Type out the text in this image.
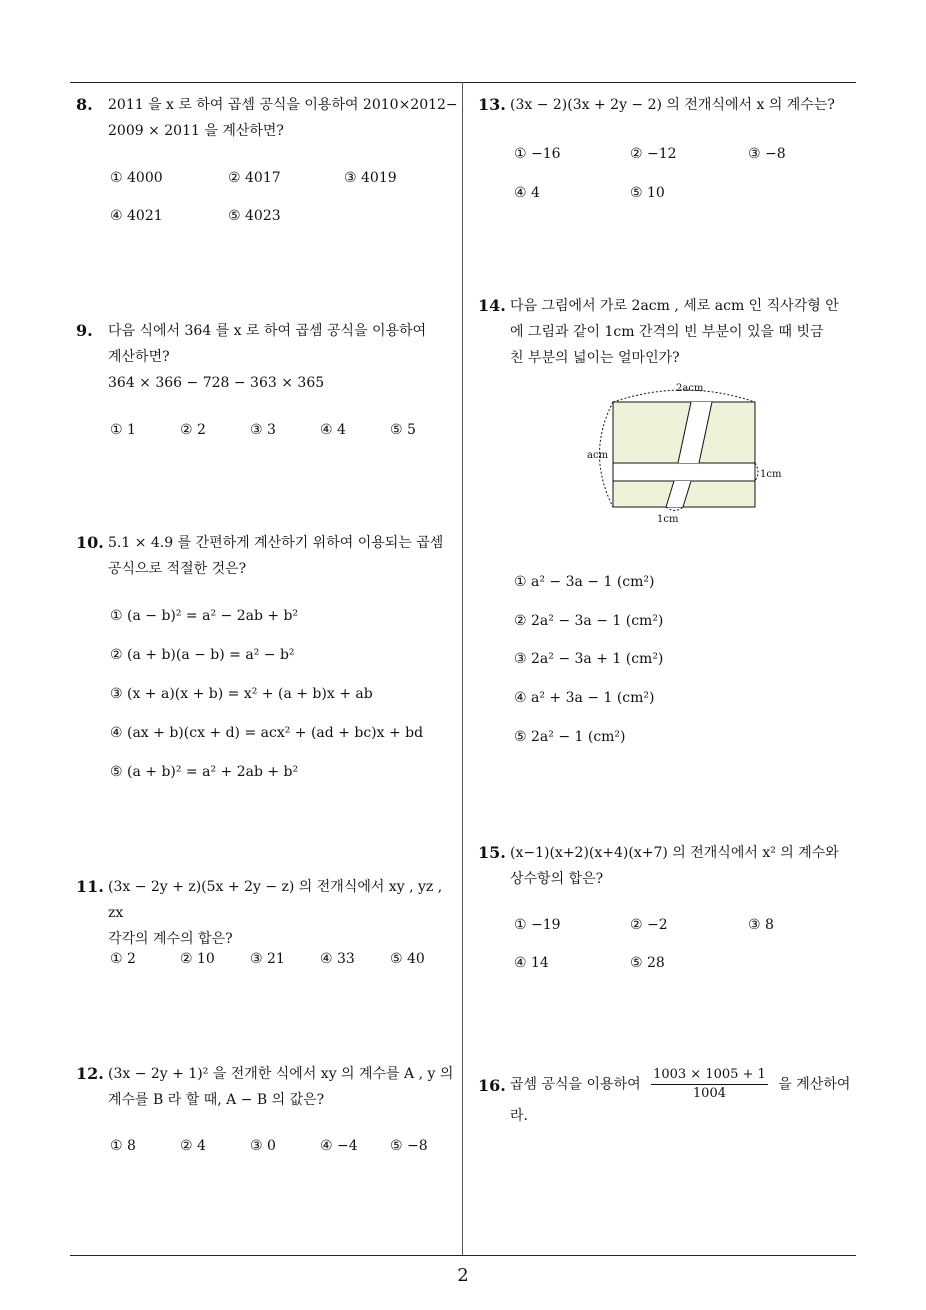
8. 2011 을 x 로 하여 곱셈 공식을 이용하여 2010×2012−
2009 × 2011 을 계산하면?
① 4000	② 4017	③ 4019
④ 4021	⑤ 4023
9. 다음 식에서 364 를 x 로 하여 곱셈 공식을 이용하여
계산하면?
364 × 366 − 728 − 363 × 365
① 1	② 2	③ 3	④ 4	⑤ 5
10. 5.1 × 4.9 를 간편하게 계산하기 위하여 이용되는 곱셈
공식으로 적절한 것은?
① (a − b)² = a² − 2ab + b²
② (a + b)(a − b) = a² − b²
③ (x + a)(x + b) = x² + (a + b)x + ab
④ (ax + b)(cx + d) = acx² + (ad + bc)x + bd
⑤ (a + b)² = a² + 2ab + b²
11. (3x − 2y + z)(5x + 2y − z) 의 전개식에서 xy , yz , zx
각각의 계수의 합은?
① 2	② 10	③ 21	④ 33	⑤ 40
12. (3x − 2y + 1)² 을 전개한 식에서 xy 의 계수를 A , y 의
계수를 B 라 할 때, A − B 의 값은?
① 8	② 4	③ 0	④ −4 ⑤ −8
13. (3x − 2)(3x + 2y − 2) 의 전개식에서 x 의 계수는?
① −16	② −12	③ −8
④ 4	⑤ 10
14. 다음 그림에서 가로 2acm , 세로 acm 인 직사각형 안
에 그림과 같이 1cm 간격의 빈 부분이 있을 때 빗금
친 부분의 넓이는 얼마인가?
2acm
acm
1cm
1cm
① a² − 3a − 1 (cm²)
② 2a² − 3a − 1 (cm²)
③ 2a² − 3a + 1 (cm²)
④ a² + 3a − 1 (cm²)
⑤ 2a² − 1 (cm²)
15. (x−1)(x+2)(x+4)(x+7) 의 전개식에서 x² 의 계수와
상수항의 합은?
① −19	② −2	③ 8
④ 14	⑤ 28
16. 곱셈 공식을 이용하여 $\frac{1003 \times 1005 + 1}{1004}$ 을 계산하여
라.
2
